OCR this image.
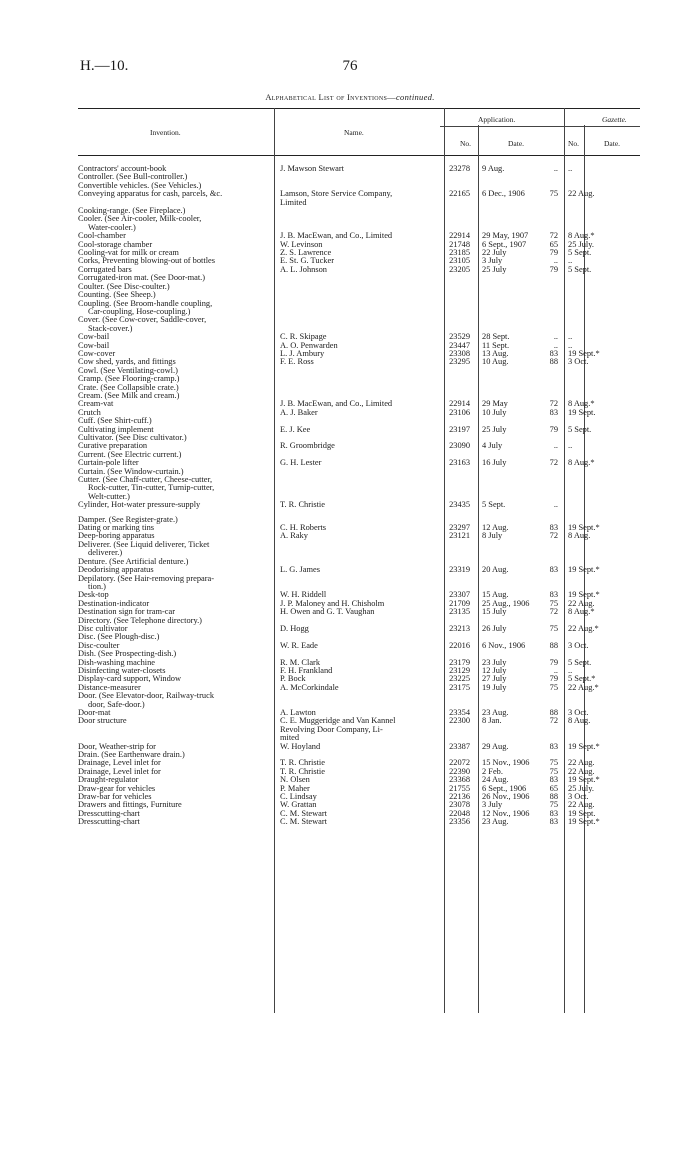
H.—10.	76
Alphabetical List of Inventions—continued.
Invention.	Name.
Application.
No.	Date.
Gazette.
No.	Date.
Contractors' account-book	J. Mawson Stewart	23278	9 Aug.	..	..
Controller. (See Bull-controller.)					
Convertible vehicles. (See Vehicles.)					
Conveying apparatus for cash, parcels, &c.	Lamson, Store Service Company,	22165	6 Dec., 1906	75	22 Aug.
	Limited				
Cooking-range. (See Fireplace.)					
Cooler. (See Air-cooler, Milk-cooler,					
Water-cooler.)					
Cool-chamber	J. B. MacEwan, and Co., Limited	22914	29 May, 1907	72	8 Aug.*
Cool-storage chamber	W. Levinson	21748	6 Sept., 1907	65	25 July.
Cooling-vat for milk or cream	Z. S. Lawrence	23185	22 July	79	5 Sept.
Corks, Preventing blowing-out of bottles	E. St. G. Tucker	23105	3 July	..	..
Corrugated bars	A. L. Johnson	23205	25 July	79	5 Sept.
Corrugated-iron mat. (See Door-mat.)					
Coulter. (See Disc-coulter.)					
Counting. (See Sheep.)					
Coupling. (See Broom-handle coupling,					
Car-coupling, Hose-coupling.)					
Cover. (See Cow-cover, Saddle-cover,					
Stack-cover.)					
Cow-bail	C. R. Skipage	23529	28 Sept.	..	..
Cow-bail	A. O. Penwarden	23447	11 Sept.	..	..
Cow-cover	L. J. Ambury	23308	13 Aug.	83	19 Sept.*
Cow shed, yards, and fittings	F. E. Ross	23295	10 Aug.	88	3 Oct.
Cowl. (See Ventilating-cowl.)					
Cramp. (See Flooring-cramp.)					
Crate. (See Collapsible crate.)					
Cream. (See Milk and cream.)					
Cream-vat	J. B. MacEwan, and Co., Limited	22914	29 May	72	8 Aug.*
Crutch	A. J. Baker	23106	10 July	83	19 Sept.
Cuff. (See Shirt-cuff.)					
Cultivating implement	E. J. Kee	23197	25 July	79	5 Sept.
Cultivator. (See Disc cultivator.)					
Curative preparation	R. Groombridge	23090	4 July	..	..
Current. (See Electric current.)					
Curtain-pole lifter	G. H. Lester	23163	16 July	72	8 Aug.*
Curtain. (See Window-curtain.)					
Cutter. (See Chaff-cutter, Cheese-cutter,					
Rock-cutter, Tin-cutter, Turnip-cutter,					
Welt-cutter.)					
Cylinder, Hot-water pressure-supply	T. R. Christie	23435	5 Sept.	..	

Damper. (See Register-grate.)					
Dating or marking tins	C. H. Roberts	23297	12 Aug.	83	19 Sept.*
Deep-boring apparatus	A. Raky	23121	8 July	72	8 Aug.
Deliverer. (See Liquid deliverer, Ticket					
deliverer.)					
Denture. (See Artificial denture.)					
Deodorising apparatus	L. G. James	23319	20 Aug.	83	19 Sept.*
Depilatory. (See Hair-removing prepara-					
tion.)					
Desk-top	W. H. Riddell	23307	15 Aug.	83	19 Sept.*
Destination-indicator	J. P. Maloney and H. Chisholm	21709	25 Aug., 1906	75	22 Aug.
Destination sign for tram-car	H. Owen and G. T. Vaughan	23135	15 July	72	8 Aug.*
Directory. (See Telephone directory.)					
Disc cultivator	D. Hogg	23213	26 July	75	22 Aug.*
Disc. (See Plough-disc.)					
Disc-coulter	W. R. Eade	22016	6 Nov., 1906	88	3 Oct.
Dish. (See Prospecting-dish.)					
Dish-washing machine	R. M. Clark	23179	23 July	79	5 Sept.
Disinfecting water-closets	F. H. Frankland	23129	12 July	..	..
Display-card support, Window	P. Bock	23225	27 July	79	5 Sept.*
Distance-measurer	A. McCorkindale	23175	19 July	75	22 Aug.*
Door. (See Elevator-door, Railway-truck					
door, Safe-door.)					
Door-mat	A. Lawton	23354	23 Aug.	88	3 Oct.
Door structure	C. E. Muggeridge and Van Kannel	22300	8 Jan.	72	8 Aug.
	Revolving Door Company, Li-				
	mited				
Door, Weather-strip for	W. Hoyland	23387	29 Aug.	83	19 Sept.*
Drain. (See Earthenware drain.)					
Drainage, Level inlet for	T. R. Christie	22072	15 Nov., 1906	75	22 Aug.
Drainage, Level inlet for	T. R. Christie	22390	2 Feb.	75	22 Aug.
Draught-regulator	N. Olsen	23368	24 Aug.	83	19 Sept.*
Draw-gear for vehicles	P. Maher	21755	6 Sept., 1906	65	25 July.
Draw-bar for vehicles	C. Lindsay	22136	26 Nov., 1906	88	3 Oct.
Drawers and fittings, Furniture	W. Grattan	23078	3 July	75	22 Aug.
Dresscutting-chart	C. M. Stewart	22048	12 Nov., 1906	83	19 Sept.
Dresscutting-chart	C. M. Stewart	23356	23 Aug.	83	19 Sept.*
